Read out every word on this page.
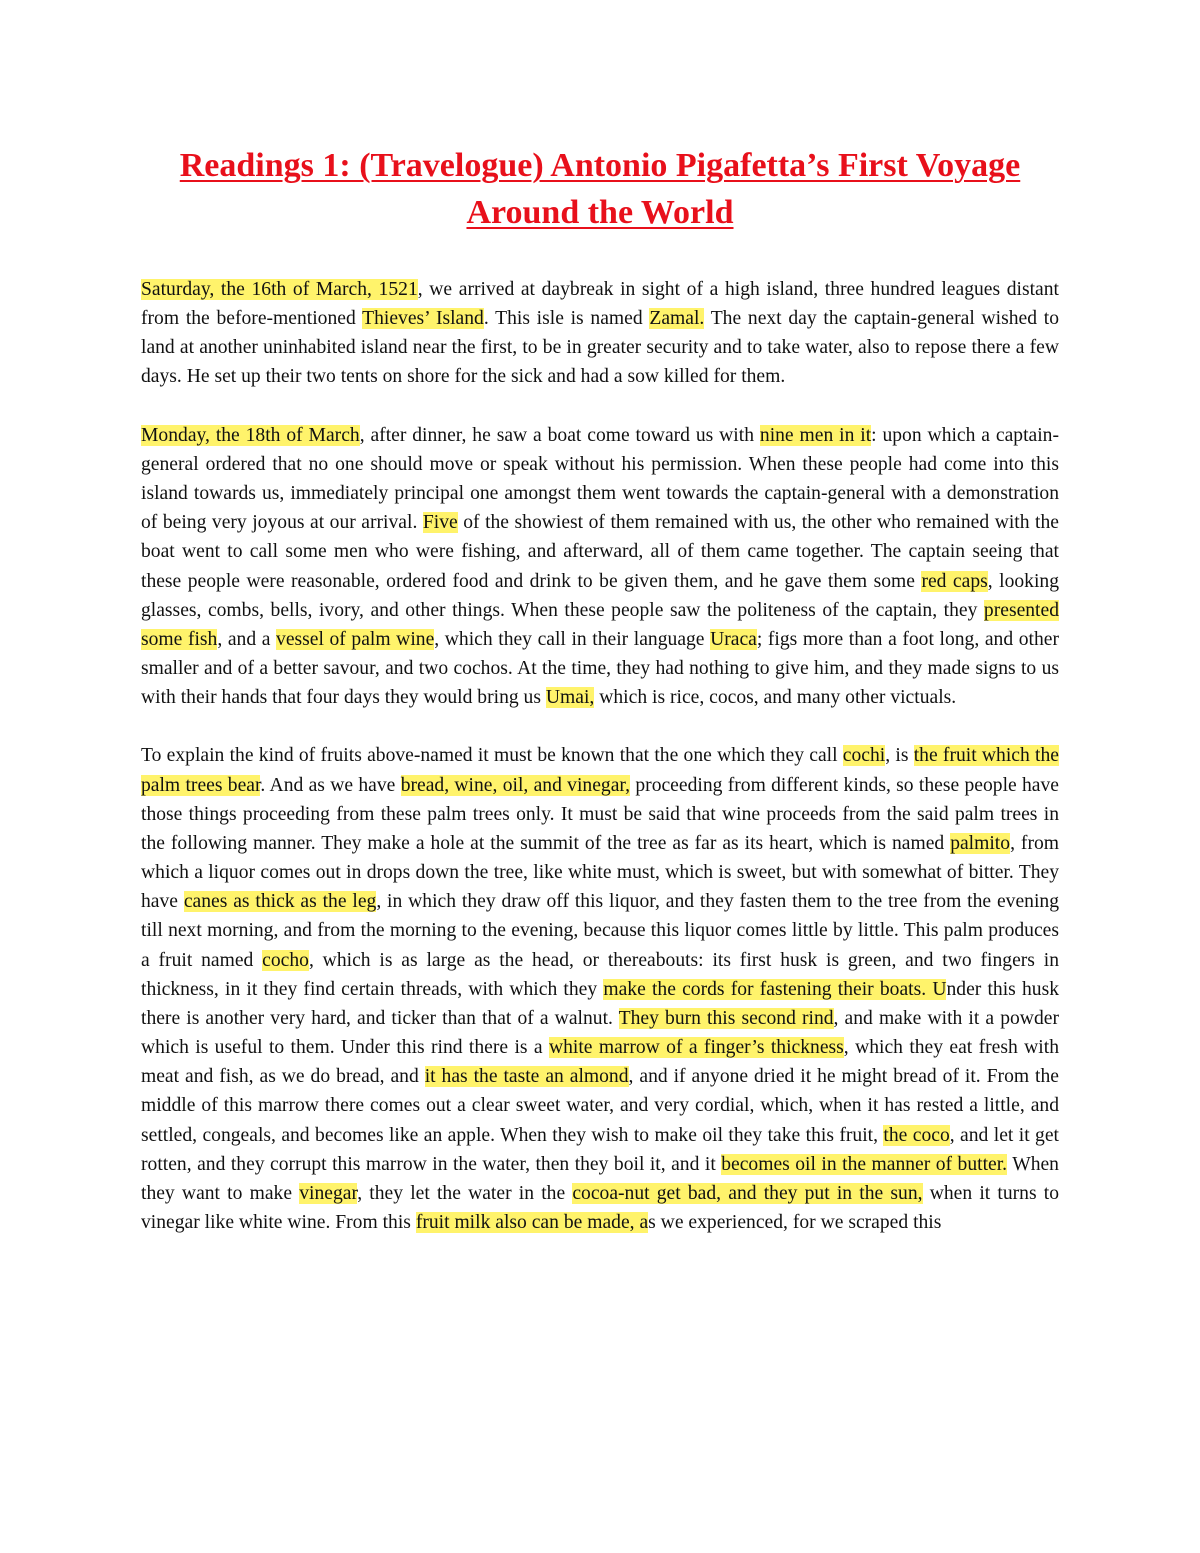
Readings 1: (Travelogue) Antonio Pigafetta’s First Voyage
Around the World

Saturday, the 16th of March, 1521, we arrived at daybreak in sight of a high island, three hundred leagues distant from the before-mentioned Thieves’ Island. This isle is named Zamal. The next day the captain-general wished to land at another uninhabited island near the first, to be in greater security and to take water, also to repose there a few days. He set up their two tents on shore for the sick and had a sow killed for them.

Monday, the 18th of March, after dinner, he saw a boat come toward us with nine men in it: upon which a captain-general ordered that no one should move or speak without his permission. When these people had come into this island towards us, immediately principal one amongst them went towards the captain-general with a demonstration of being very joyous at our arrival. Five of the showiest of them remained with us, the other who remained with the boat went to call some men who were fishing, and afterward, all of them came together. The captain seeing that these people were reasonable, ordered food and drink to be given them, and he gave them some red caps, looking glasses, combs, bells, ivory, and other things. When these people saw the politeness of the captain, they presented some fish, and a vessel of palm wine, which they call in their language Uraca; figs more than a foot long, and other smaller and of a better savour, and two cochos. At the time, they had nothing to give him, and they made signs to us with their hands that four days they would bring us Umai, which is rice, cocos, and many other victuals.

To explain the kind of fruits above-named it must be known that the one which they call cochi, is the fruit which the palm trees bear. And as we have bread, wine, oil, and vinegar, proceeding from different kinds, so these people have those things proceeding from these palm trees only. It must be said that wine proceeds from the said palm trees in the following manner. They make a hole at the summit of the tree as far as its heart, which is named palmito, from which a liquor comes out in drops down the tree, like white must, which is sweet, but with somewhat of bitter. They have canes as thick as the leg, in which they draw off this liquor, and they fasten them to the tree from the evening till next morning, and from the morning to the evening, because this liquor comes little by little. This palm produces a fruit named cocho, which is as large as the head, or thereabouts: its first husk is green, and two fingers in thickness, in it they find certain threads, with which they make the cords for fastening their boats. Under this husk there is another very hard, and ticker than that of a walnut. They burn this second rind, and make with it a powder which is useful to them. Under this rind there is a white marrow of a finger’s thickness, which they eat fresh with meat and fish, as we do bread, and it has the taste an almond, and if anyone dried it he might bread of it. From the middle of this marrow there comes out a clear sweet water, and very cordial, which, when it has rested a little, and settled, congeals, and becomes like an apple. When they wish to make oil they take this fruit, the coco, and let it get rotten, and they corrupt this marrow in the water, then they boil it, and it becomes oil in the manner of butter. When they want to make vinegar, they let the water in the cocoa-nut get bad, and they put in the sun, when it turns to vinegar like white wine. From this fruit milk also can be made, as we experienced, for we scraped this
